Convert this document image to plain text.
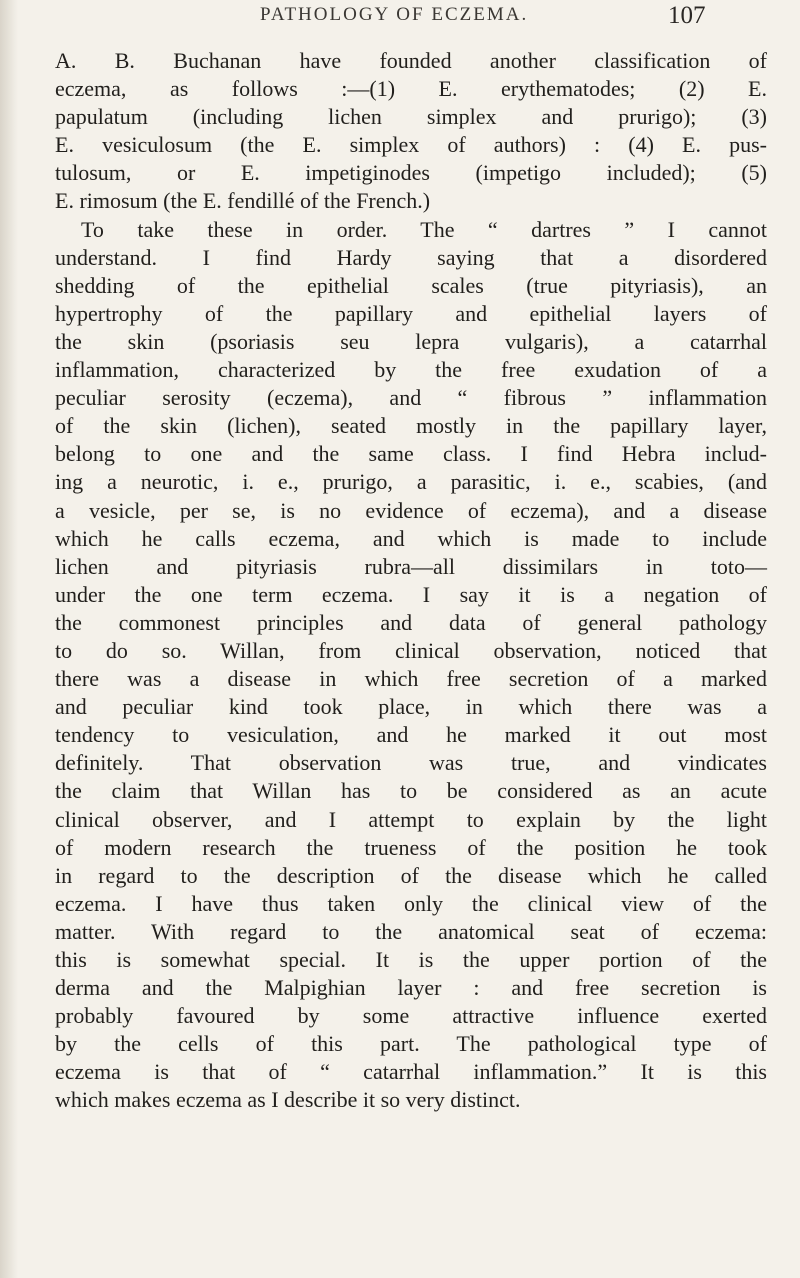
PATHOLOGY OF ECZEMA.	107
A. B. Buchanan have founded another classification of
eczema, as follows :—(1) E. erythematodes; (2) E.
papulatum (including lichen simplex and prurigo); (3)
E. vesiculosum (the E. simplex of authors) : (4) E. pus-
tulosum, or E. impetiginodes (impetigo included); (5)
E. rimosum (the E. fendillé of the French.)
To take these in order. The “ dartres ” I cannot
understand. I find Hardy saying that a disordered
shedding of the epithelial scales (true pityriasis), an
hypertrophy of the papillary and epithelial layers of
the skin (psoriasis seu lepra vulgaris), a catarrhal
inflammation, characterized by the free exudation of a
peculiar serosity (eczema), and “ fibrous ” inflammation
of the skin (lichen), seated mostly in the papillary layer,
belong to one and the same class. I find Hebra includ-
ing a neurotic, i. e., prurigo, a parasitic, i. e., scabies, (and
a vesicle, per se, is no evidence of eczema), and a disease
which he calls eczema, and which is made to include
lichen and pityriasis rubra—all dissimilars in toto—
under the one term eczema. I say it is a negation of
the commonest principles and data of general pathology
to do so. Willan, from clinical observation, noticed that
there was a disease in which free secretion of a marked
and peculiar kind took place, in which there was a
tendency to vesiculation, and he marked it out most
definitely. That observation was true, and vindicates
the claim that Willan has to be considered as an acute
clinical observer, and I attempt to explain by the light
of modern research the trueness of the position he took
in regard to the description of the disease which he called
eczema. I have thus taken only the clinical view of the
matter. With regard to the anatomical seat of eczema:
this is somewhat special. It is the upper portion of the
derma and the Malpighian layer : and free secretion is
probably favoured by some attractive influence exerted
by the cells of this part. The pathological type of
eczema is that of “ catarrhal inflammation.” It is this
which makes eczema as I describe it so very distinct.
